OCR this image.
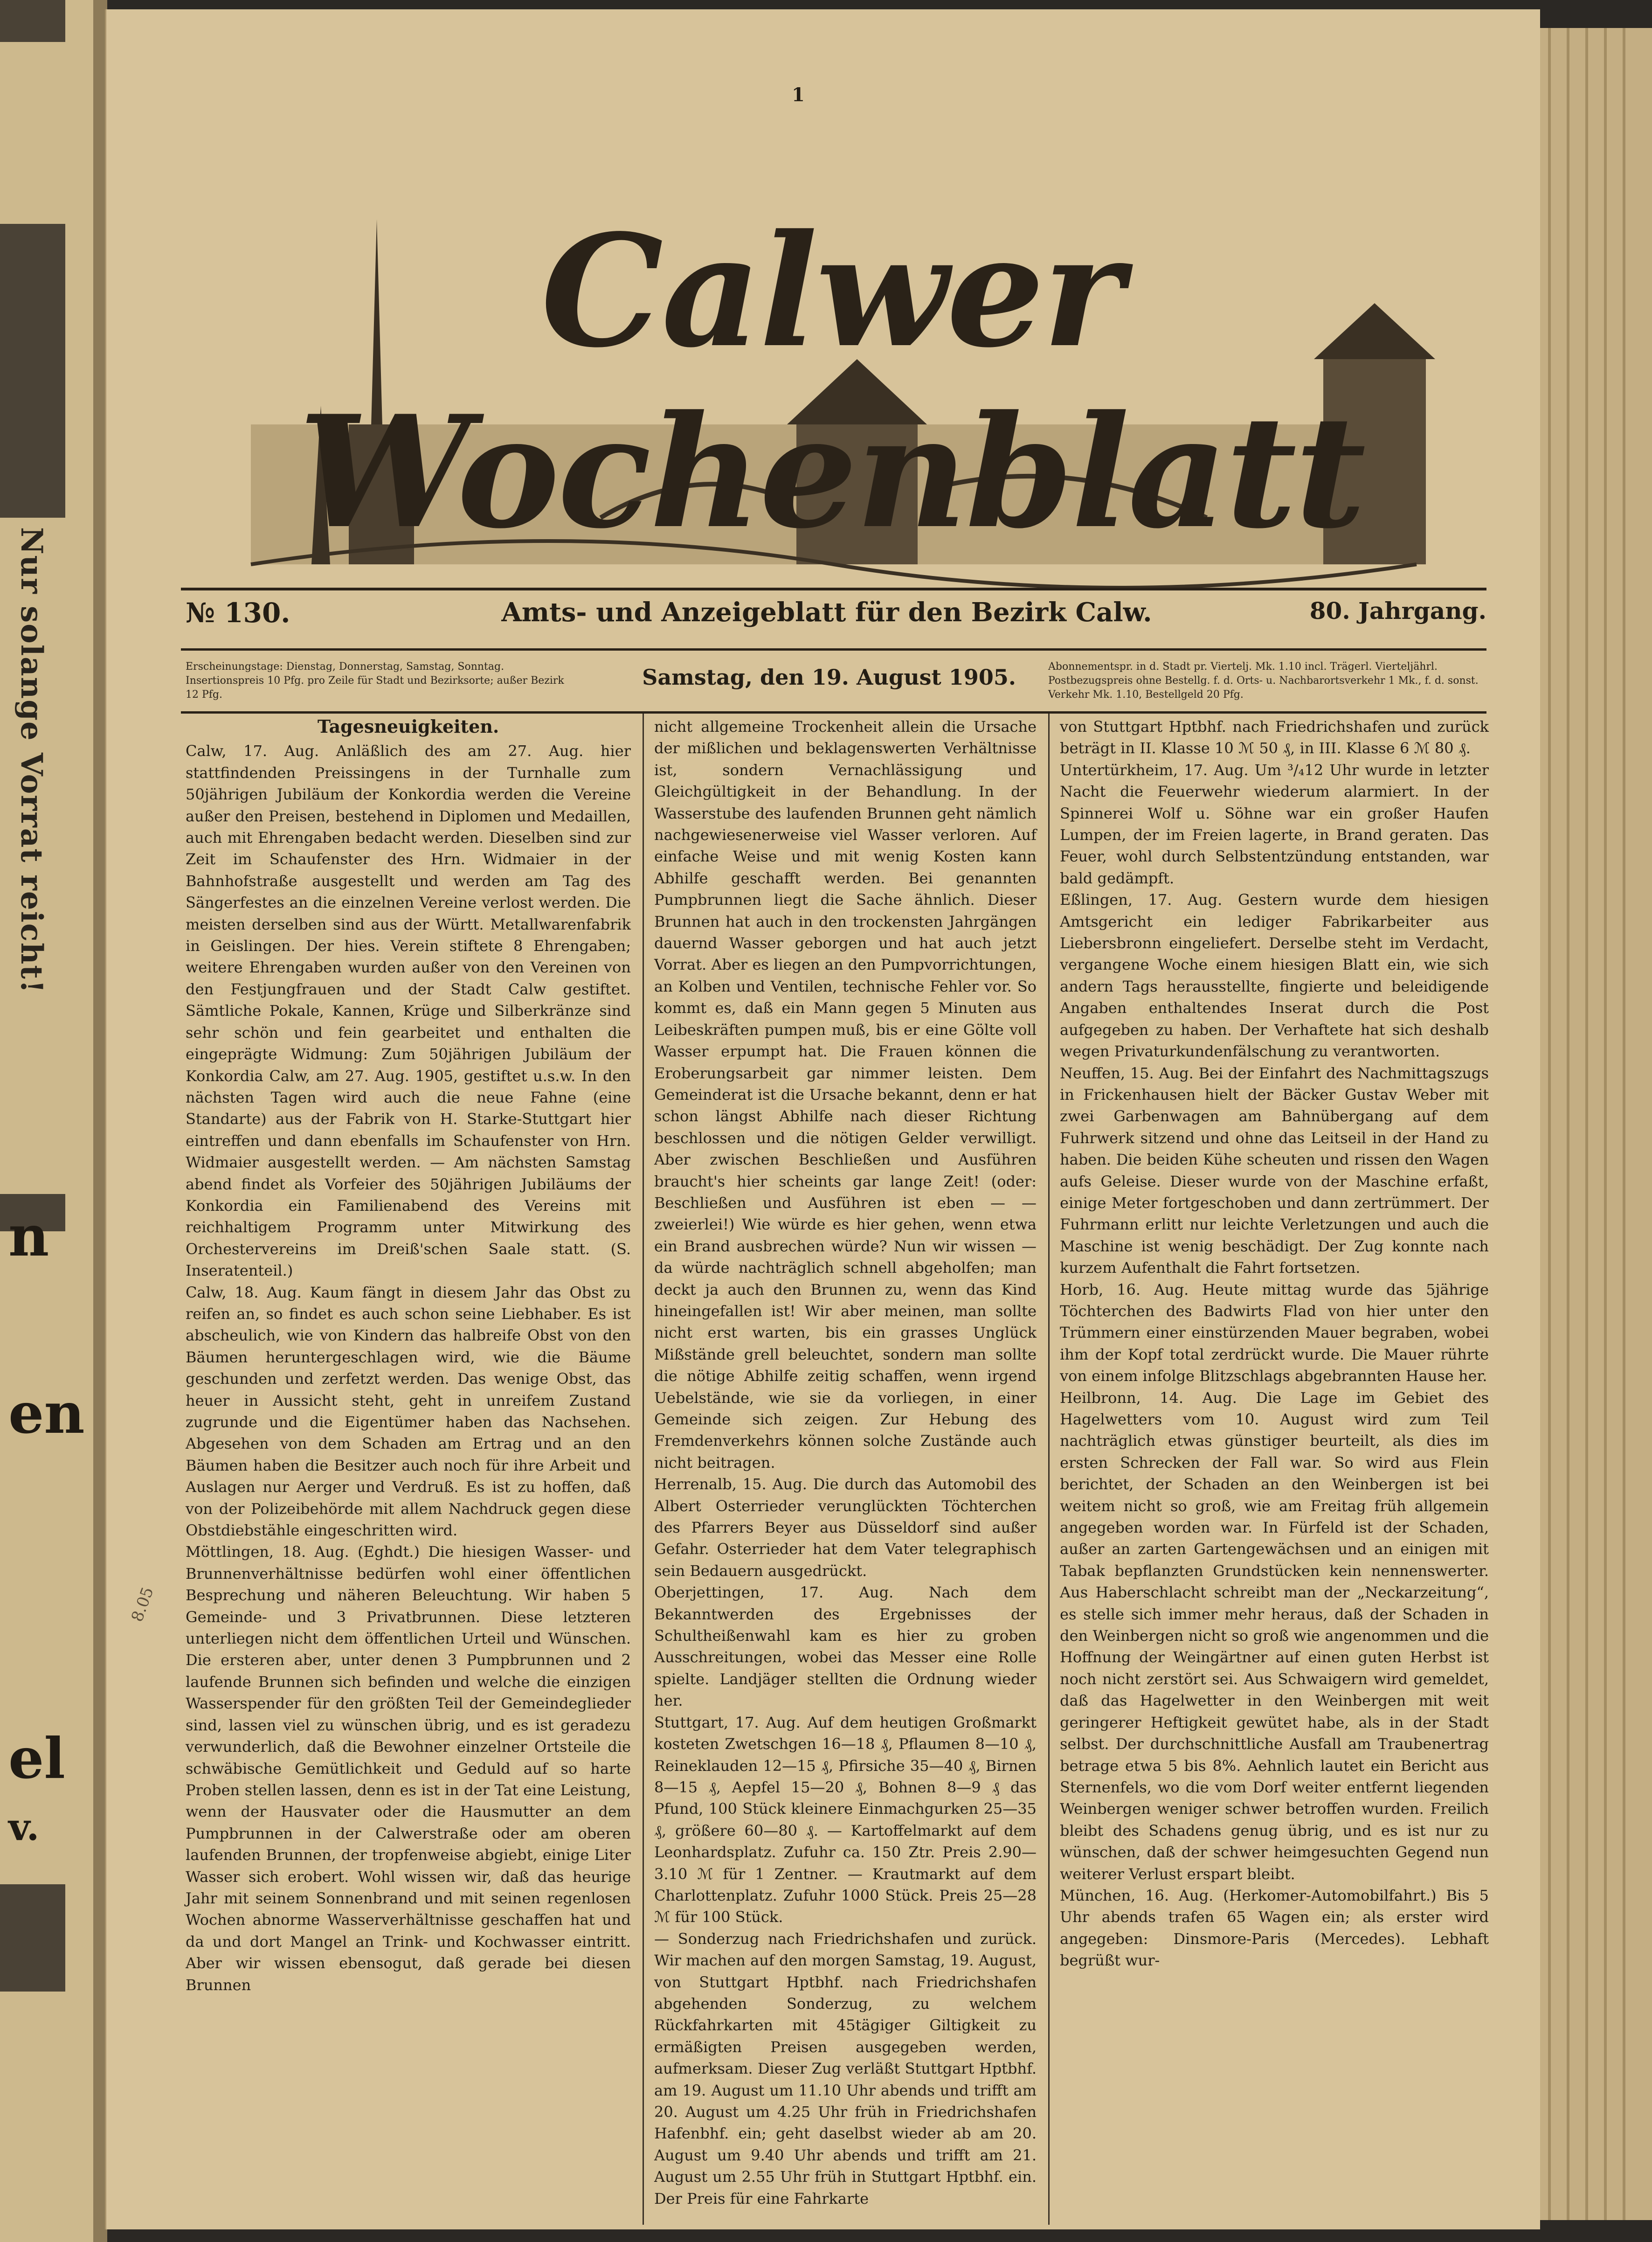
Nur solange Vorrat reicht!
n
en
el
v.
1
Calwer Wochenblatt
№ 130.	Amts- und Anzeigeblatt für den Bezirk Calw.	80. Jahrgang.
Erscheinungstage: Dienstag, Donnerstag, Samstag, Sonntag. Insertionspreis 10 Pfg. pro Zeile für Stadt und Bezirksorte; außer Bezirk 12 Pfg.
Samstag, den 19. August 1905.	Abonnementspr. in d. Stadt pr. Viertelj. Mk. 1.10 incl. Trägerl. Vierteljährl. Postbezugspreis ohne Bestellg. f. d. Orts- u. Nachbarortsverkehr 1 Mk., f. d. sonst. Verkehr Mk. 1.10, Bestellgeld 20 Pfg.

Tagesneuigkeiten.

Calw, 17. Aug. Anläßlich des am 27. Aug. hier stattfindenden Preissingens in der Turnhalle zum 50jährigen Jubiläum der Konkordia werden die Vereine außer den Preisen, bestehend in Diplomen und Medaillen, auch mit Ehrengaben bedacht werden. Dieselben sind zur Zeit im Schaufenster des Hrn. Widmaier in der Bahnhofstraße ausgestellt und werden am Tag des Sängerfestes an die einzelnen Vereine verlost werden. Die meisten derselben sind aus der Württ. Metallwarenfabrik in Geislingen. Der hies. Verein stiftete 8 Ehrengaben; weitere Ehrengaben wurden außer von den Vereinen von den Festjungfrauen und der Stadt Calw gestiftet. Sämtliche Pokale, Kannen, Krüge und Silberkränze sind sehr schön und fein gearbeitet und enthalten die eingeprägte Widmung: Zum 50jährigen Jubiläum der Konkordia Calw, am 27. Aug. 1905, gestiftet u.s.w. In den nächsten Tagen wird auch die neue Fahne (eine Standarte) aus der Fabrik von H. Starke-Stuttgart hier eintreffen und dann ebenfalls im Schaufenster von Hrn. Widmaier ausgestellt werden. — Am nächsten Samstag abend findet als Vorfeier des 50jährigen Jubiläums der Konkordia ein Familienabend des Vereins mit reichhaltigem Programm unter Mitwirkung des Orchestervereins im Dreiß'schen Saale statt. (S. Inseratenteil.)

Calw, 18. Aug. Kaum fängt in diesem Jahr das Obst zu reifen an, so findet es auch schon seine Liebhaber. Es ist abscheulich, wie von Kindern das halbreife Obst von den Bäumen heruntergeschlagen wird, wie die Bäume geschunden und zerfetzt werden. Das wenige Obst, das heuer in Aussicht steht, geht in unreifem Zustand zugrunde und die Eigentümer haben das Nachsehen. Abgesehen von dem Schaden am Ertrag und an den Bäumen haben die Besitzer auch noch für ihre Arbeit und Auslagen nur Aerger und Verdruß. Es ist zu hoffen, daß von der Polizeibehörde mit allem Nachdruck gegen diese Obstdiebstähle eingeschritten wird.

Möttlingen, 18. Aug. (Eghdt.) Die hiesigen Wasser- und Brunnenverhältnisse bedürfen wohl einer öffentlichen Besprechung und näheren Beleuchtung. Wir haben 5 Gemeinde- und 3 Privatbrunnen. Diese letzteren unterliegen nicht dem öffentlichen Urteil und Wünschen. Die ersteren aber, unter denen 3 Pumpbrunnen und 2 laufende Brunnen sich befinden und welche die einzigen Wasserspender für den größten Teil der Gemeindeglieder sind, lassen viel zu wünschen übrig, und es ist geradezu verwunderlich, daß die Bewohner einzelner Ortsteile die schwäbische Gemütlichkeit und Geduld auf so harte Proben stellen lassen, denn es ist in der Tat eine Leistung, wenn der Hausvater oder die Hausmutter an dem Pumpbrunnen in der Calwerstraße oder am oberen laufenden Brunnen, der tropfenweise abgiebt, einige Liter Wasser sich erobert. Wohl wissen wir, daß das heurige Jahr mit seinem Sonnenbrand und mit seinen regenlosen Wochen abnorme Wasserverhältnisse geschaffen hat und da und dort Mangel an Trink- und Kochwasser eintritt. Aber wir wissen ebensogut, daß gerade bei diesen Brunnen

nicht allgemeine Trockenheit allein die Ursache der mißlichen und beklagenswerten Verhältnisse ist, sondern Vernachlässigung und Gleichgültigkeit in der Behandlung. In der Wasserstube des laufenden Brunnen geht nämlich nachgewiesenerweise viel Wasser verloren. Auf einfache Weise und mit wenig Kosten kann Abhilfe geschafft werden. Bei genannten Pumpbrunnen liegt die Sache ähnlich. Dieser Brunnen hat auch in den trockensten Jahrgängen dauernd Wasser geborgen und hat auch jetzt Vorrat. Aber es liegen an den Pumpvorrichtungen, an Kolben und Ventilen, technische Fehler vor. So kommt es, daß ein Mann gegen 5 Minuten aus Leibeskräften pumpen muß, bis er eine Gölte voll Wasser erpumpt hat. Die Frauen können die Eroberungsarbeit gar nimmer leisten. Dem Gemeinderat ist die Ursache bekannt, denn er hat schon längst Abhilfe nach dieser Richtung beschlossen und die nötigen Gelder verwilligt. Aber zwischen Beschließen und Ausführen braucht's hier scheints gar lange Zeit! (oder: Beschließen und Ausführen ist eben — — zweierlei!) Wie würde es hier gehen, wenn etwa ein Brand ausbrechen würde? Nun wir wissen — da würde nachträglich schnell abgeholfen; man deckt ja auch den Brunnen zu, wenn das Kind hineingefallen ist! Wir aber meinen, man sollte nicht erst warten, bis ein grasses Unglück Mißstände grell beleuchtet, sondern man sollte die nötige Abhilfe zeitig schaffen, wenn irgend Uebelstände, wie sie da vorliegen, in einer Gemeinde sich zeigen. Zur Hebung des Fremdenverkehrs können solche Zustände auch nicht beitragen.

Herrenalb, 15. Aug. Die durch das Automobil des Albert Osterrieder verunglückten Töchterchen des Pfarrers Beyer aus Düsseldorf sind außer Gefahr. Osterrieder hat dem Vater telegraphisch sein Bedauern ausgedrückt.

Oberjettingen, 17. Aug. Nach dem Bekanntwerden des Ergebnisses der Schultheißenwahl kam es hier zu groben Ausschreitungen, wobei das Messer eine Rolle spielte. Landjäger stellten die Ordnung wieder her.

Stuttgart, 17. Aug. Auf dem heutigen Großmarkt kosteten Zwetschgen 16—18 ₰, Pflaumen 8—10 ₰, Reineklauden 12—15 ₰, Pfirsiche 35—40 ₰, Birnen 8—15 ₰, Aepfel 15—20 ₰, Bohnen 8—9 ₰ das Pfund, 100 Stück kleinere Einmachgurken 25—35 ₰, größere 60—80 ₰. — Kartoffelmarkt auf dem Leonhardsplatz. Zufuhr ca. 150 Ztr. Preis 2.90—3.10 ℳ für 1 Zentner. — Krautmarkt auf dem Charlottenplatz. Zufuhr 1000 Stück. Preis 25—28 ℳ für 100 Stück.

— Sonderzug nach Friedrichshafen und zurück. Wir machen auf den morgen Samstag, 19. August, von Stuttgart Hptbhf. nach Friedrichshafen abgehenden Sonderzug, zu welchem Rückfahrkarten mit 45tägiger Giltigkeit zu ermäßigten Preisen ausgegeben werden, aufmerksam. Dieser Zug verläßt Stuttgart Hptbhf. am 19. August um 11.10 Uhr abends und trifft am 20. August um 4.25 Uhr früh in Friedrichshafen Hafenbhf. ein; geht daselbst wieder ab am 20. August um 9.40 Uhr abends und trifft am 21. August um 2.55 Uhr früh in Stuttgart Hptbhf. ein. Der Preis für eine Fahrkarte

von Stuttgart Hptbhf. nach Friedrichshafen und zurück beträgt in II. Klasse 10 ℳ 50 ₰, in III. Klasse 6 ℳ 80 ₰.

Untertürkheim, 17. Aug. Um ³/₄12 Uhr wurde in letzter Nacht die Feuerwehr wiederum alarmiert. In der Spinnerei Wolf u. Söhne war ein großer Haufen Lumpen, der im Freien lagerte, in Brand geraten. Das Feuer, wohl durch Selbstentzündung entstanden, war bald gedämpft.

Eßlingen, 17. Aug. Gestern wurde dem hiesigen Amtsgericht ein lediger Fabrikarbeiter aus Liebersbronn eingeliefert. Derselbe steht im Verdacht, vergangene Woche einem hiesigen Blatt ein, wie sich andern Tags herausstellte, fingierte und beleidigende Angaben enthaltendes Inserat durch die Post aufgegeben zu haben. Der Verhaftete hat sich deshalb wegen Privaturkundenfälschung zu verantworten.

Neuffen, 15. Aug. Bei der Einfahrt des Nachmittagszugs in Frickenhausen hielt der Bäcker Gustav Weber mit zwei Garbenwagen am Bahnübergang auf dem Fuhrwerk sitzend und ohne das Leitseil in der Hand zu haben. Die beiden Kühe scheuten und rissen den Wagen aufs Geleise. Dieser wurde von der Maschine erfaßt, einige Meter fortgeschoben und dann zertrümmert. Der Fuhrmann erlitt nur leichte Verletzungen und auch die Maschine ist wenig beschädigt. Der Zug konnte nach kurzem Aufenthalt die Fahrt fortsetzen.

Horb, 16. Aug. Heute mittag wurde das 5jährige Töchterchen des Badwirts Flad von hier unter den Trümmern einer einstürzenden Mauer begraben, wobei ihm der Kopf total zerdrückt wurde. Die Mauer rührte von einem infolge Blitzschlags abgebrannten Hause her.

Heilbronn, 14. Aug. Die Lage im Gebiet des Hagelwetters vom 10. August wird zum Teil nachträglich etwas günstiger beurteilt, als dies im ersten Schrecken der Fall war. So wird aus Flein berichtet, der Schaden an den Weinbergen ist bei weitem nicht so groß, wie am Freitag früh allgemein angegeben worden war. In Fürfeld ist der Schaden, außer an zarten Gartengewächsen und an einigen mit Tabak bepflanzten Grundstücken kein nennenswerter. Aus Haberschlacht schreibt man der „Neckarzeitung“, es stelle sich immer mehr heraus, daß der Schaden in den Weinbergen nicht so groß wie angenommen und die Hoffnung der Weingärtner auf einen guten Herbst ist noch nicht zerstört sei. Aus Schwaigern wird gemeldet, daß das Hagelwetter in den Weinbergen mit weit geringerer Heftigkeit gewütet habe, als in der Stadt selbst. Der durchschnittliche Ausfall am Traubenertrag betrage etwa 5 bis 8%. Aehnlich lautet ein Bericht aus Sternenfels, wo die vom Dorf weiter entfernt liegenden Weinbergen weniger schwer betroffen wurden. Freilich bleibt des Schadens genug übrig, und es ist nur zu wünschen, daß der schwer heimgesuchten Gegend nun weiterer Verlust erspart bleibt.

München, 16. Aug. (Herkomer-Automobilfahrt.) Bis 5 Uhr abends trafen 65 Wagen ein; als erster wird angegeben: Dinsmore-Paris (Mercedes). Lebhaft begrüßt wur-

8.05
